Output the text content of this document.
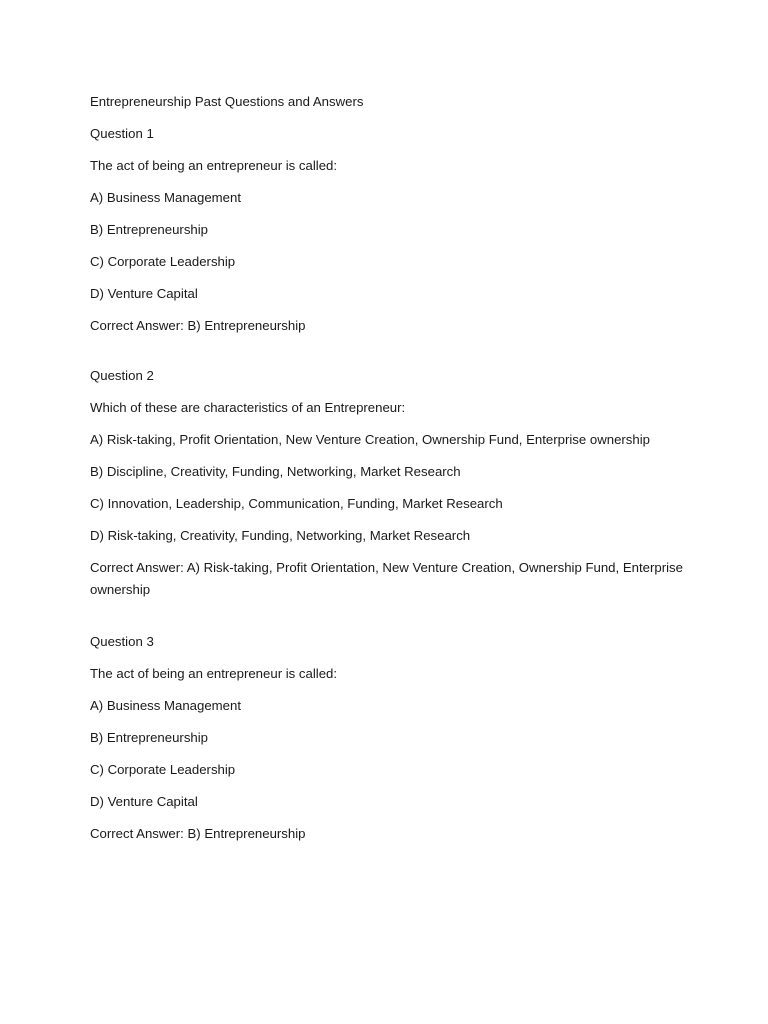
Entrepreneurship Past Questions and Answers
Question 1
The act of being an entrepreneur is called:
A) Business Management
B) Entrepreneurship
C) Corporate Leadership
D) Venture Capital
Correct Answer: B) Entrepreneurship
Question 2
Which of these are characteristics of an Entrepreneur:
A) Risk-taking, Profit Orientation, New Venture Creation, Ownership Fund, Enterprise ownership
B) Discipline, Creativity, Funding, Networking, Market Research
C) Innovation, Leadership, Communication, Funding, Market Research
D) Risk-taking, Creativity, Funding, Networking, Market Research
Correct Answer: A) Risk-taking, Profit Orientation, New Venture Creation, Ownership Fund, Enterprise ownership
Question 3
The act of being an entrepreneur is called:
A) Business Management
B) Entrepreneurship
C) Corporate Leadership
D) Venture Capital
Correct Answer: B) Entrepreneurship
